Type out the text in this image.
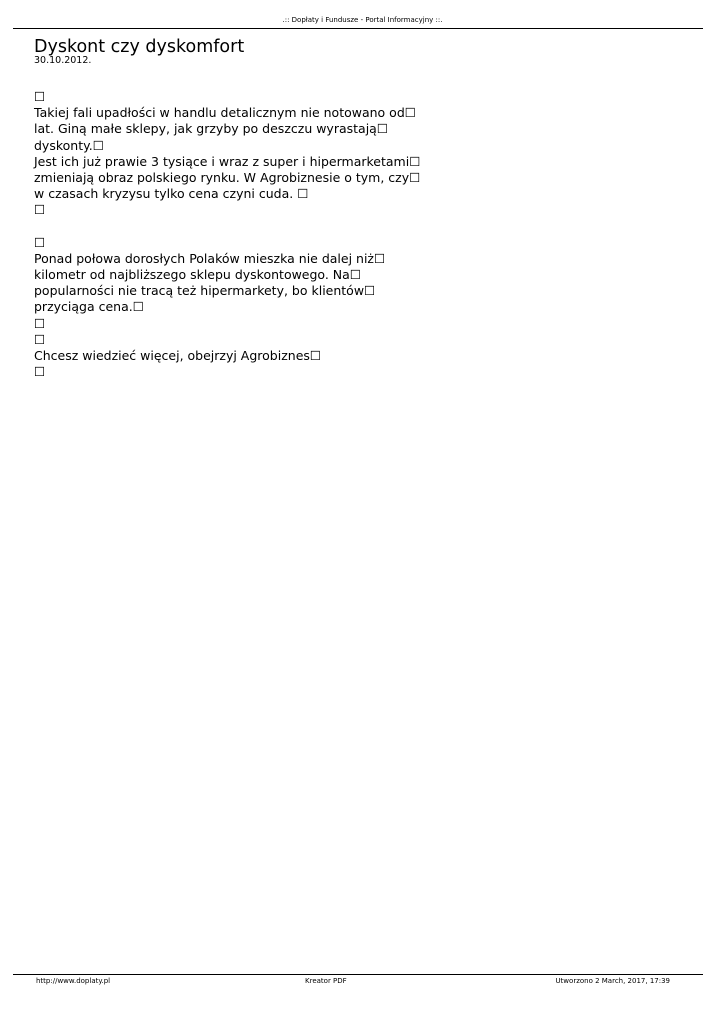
.:: Dopłaty i Fundusze - Portal Informacyjny ::.
Dyskont czy dyskomfort
30.10.2012.
☐
Takiej fali upadłości w handlu detalicznym nie notowano od☐
lat. Giną małe sklepy, jak grzyby po deszczu wyrastają☐
dyskonty.☐
Jest ich już prawie 3 tysiące i wraz z super i hipermarketami☐
zmieniają obraz polskiego rynku. W Agrobiznesie o tym, czy☐
w czasach kryzysu tylko cena czyni cuda. ☐
☐
☐
Ponad połowa dorosłych Polaków mieszka nie dalej niż☐
kilometr od najbliższego sklepu dyskontowego. Na☐
popularności nie tracą też hipermarkety, bo klientów☐
przyciąga cena.☐
☐
☐
Chcesz wiedzieć więcej, obejrzyj Agrobiznes☐
☐
http://www.doplaty.pl	Kreator PDF	Utworzono 2 March, 2017, 17:39
